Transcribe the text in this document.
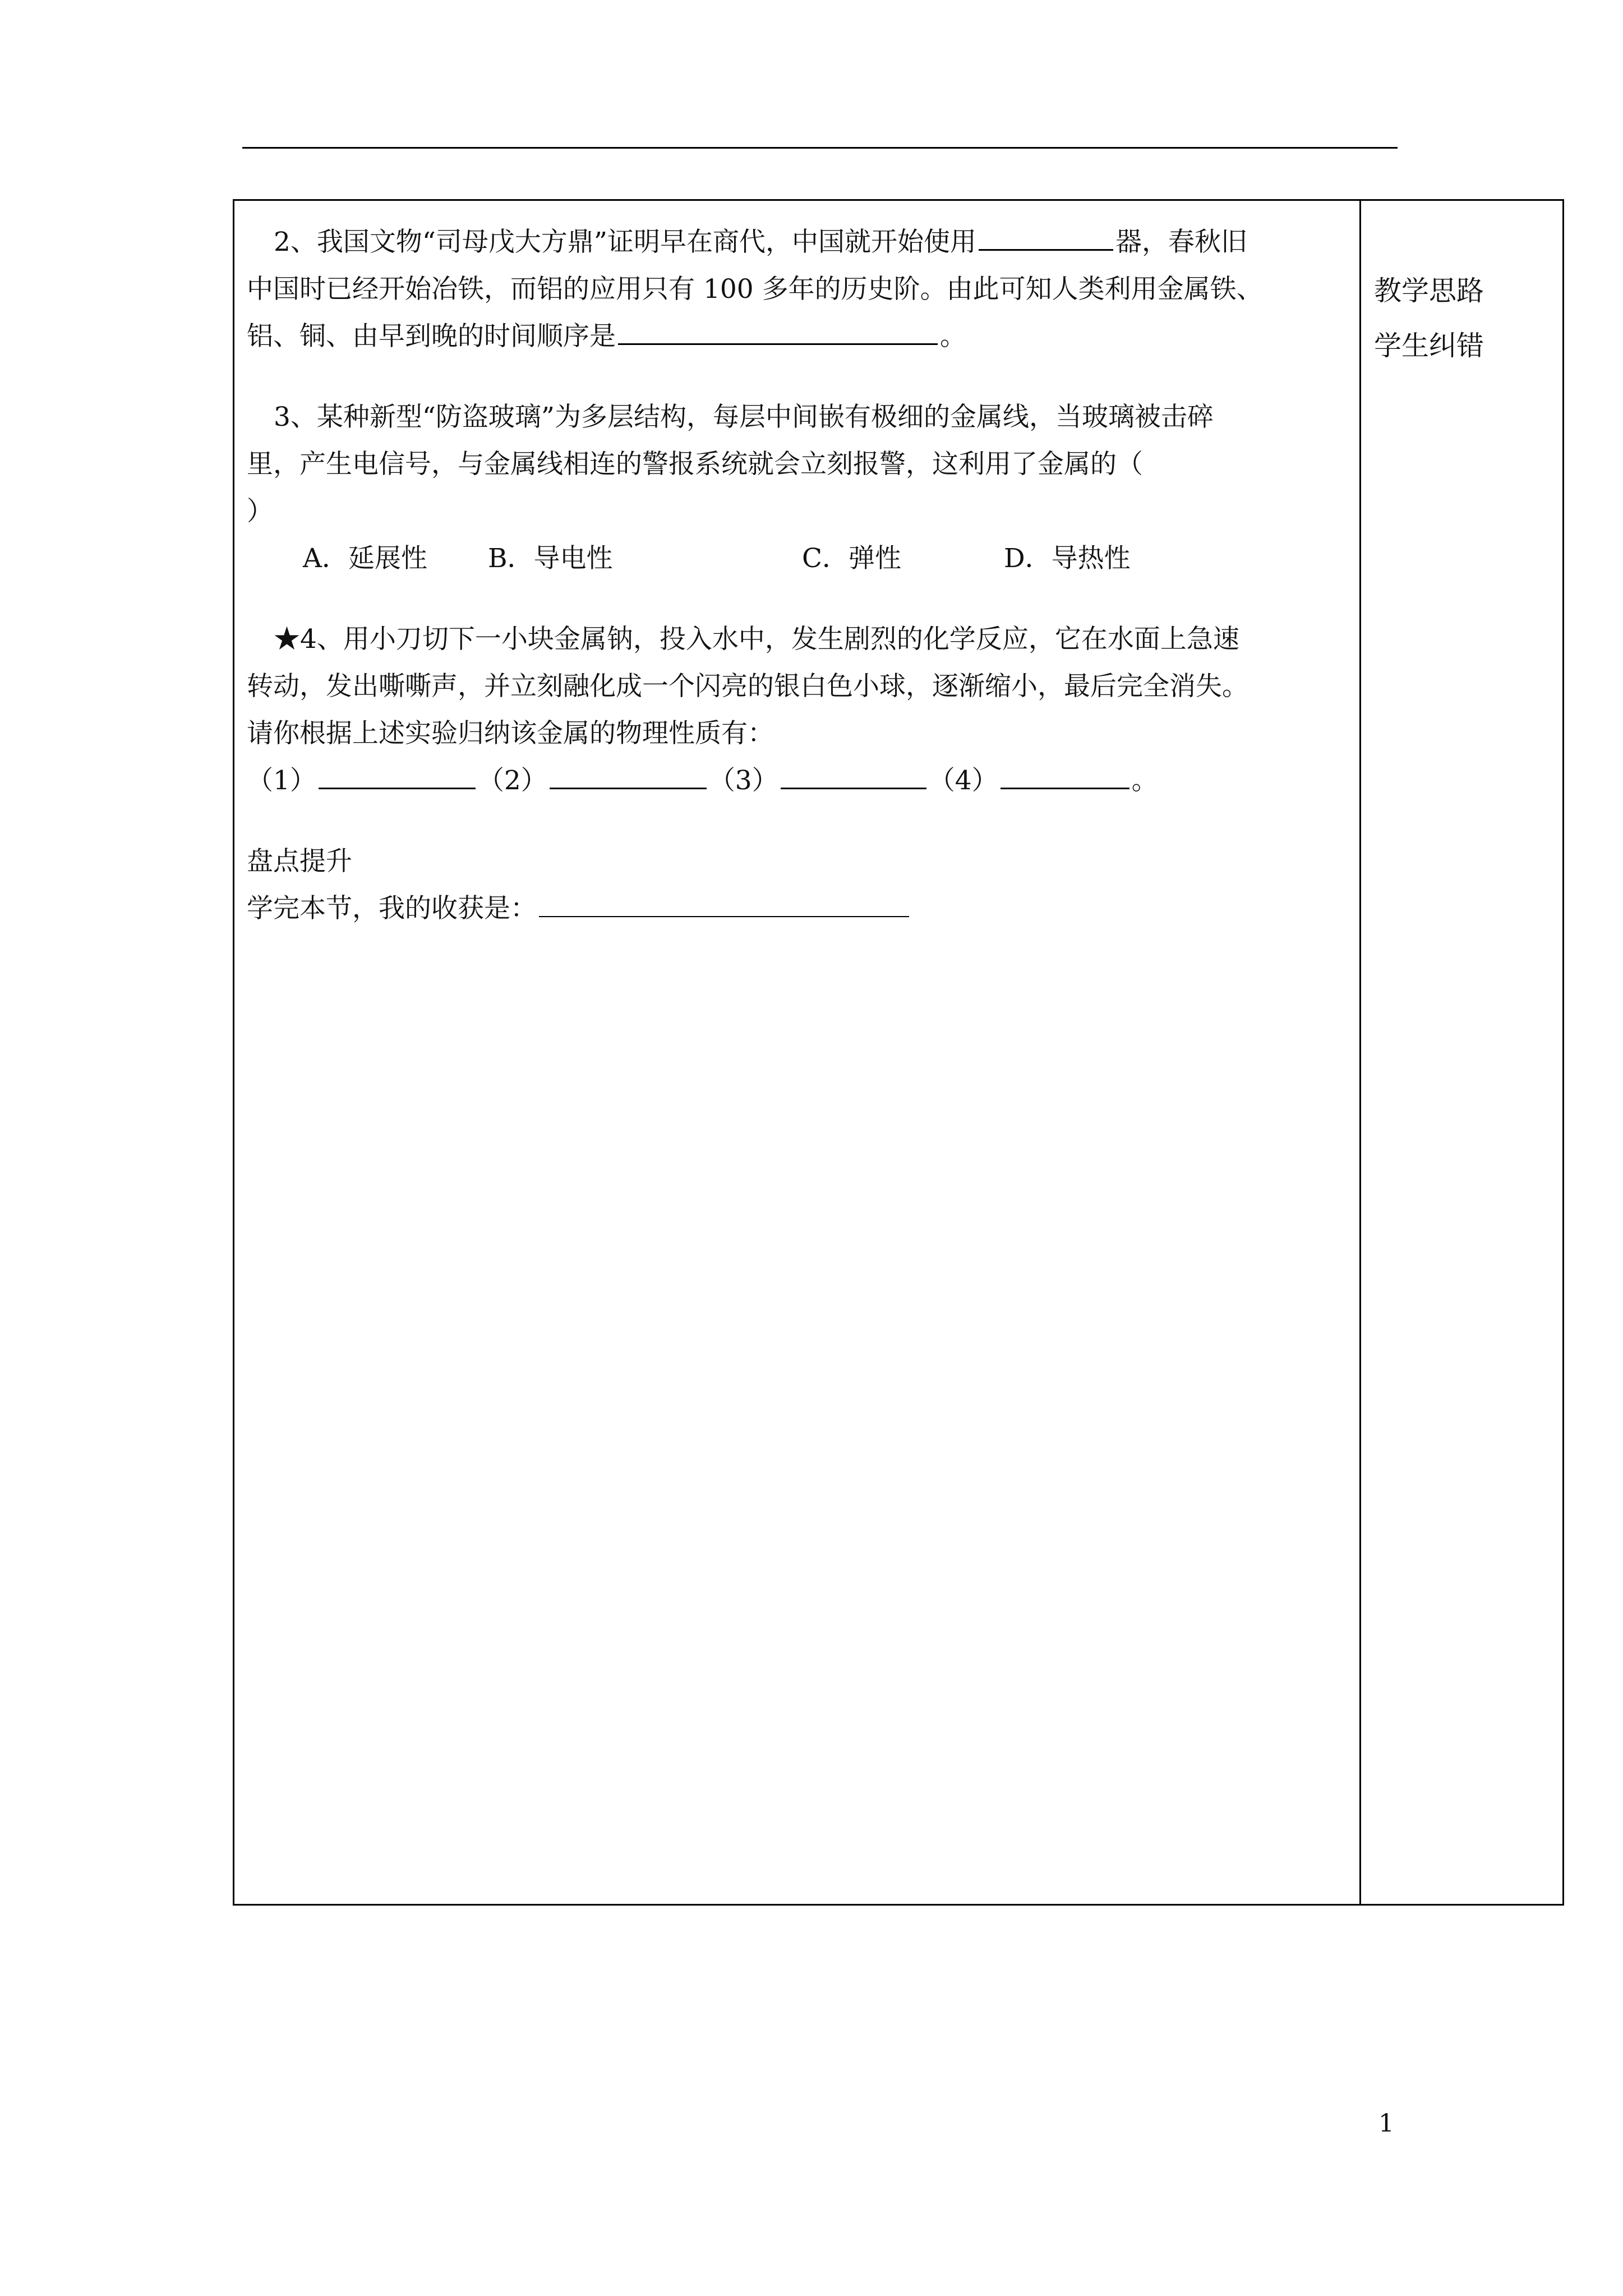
2、我国文物“司母戊大方鼎”证明早在商代，中国就开始使用	器，春秋旧

中国时已经开始冶铁，而铝的应用只有 100 多年的历史阶。由此可知人类利用金属铁、

铝、铜、由早到晚的时间顺序是	。

3、某种新型“防盗玻璃”为多层结构，每层中间嵌有极细的金属线，当玻璃被击碎

里，产生电信号，与金属线相连的警报系统就会立刻报警，这利用了金属的（

）

A．延展性 B．导电性	C．弹性	D．导热性

★4、用小刀切下一小块金属钠，投入水中，发生剧烈的化学反应，它在水面上急速

转动，发出嘶嘶声，并立刻融化成一个闪亮的银白色小球，逐渐缩小，最后完全消失。

请你根据上述实验归纳该金属的物理性质有：

（1）	（2）	（3）	（4）	。

盘点提升

学完本节，我的收获是：

教学思路
学生纠错
1
